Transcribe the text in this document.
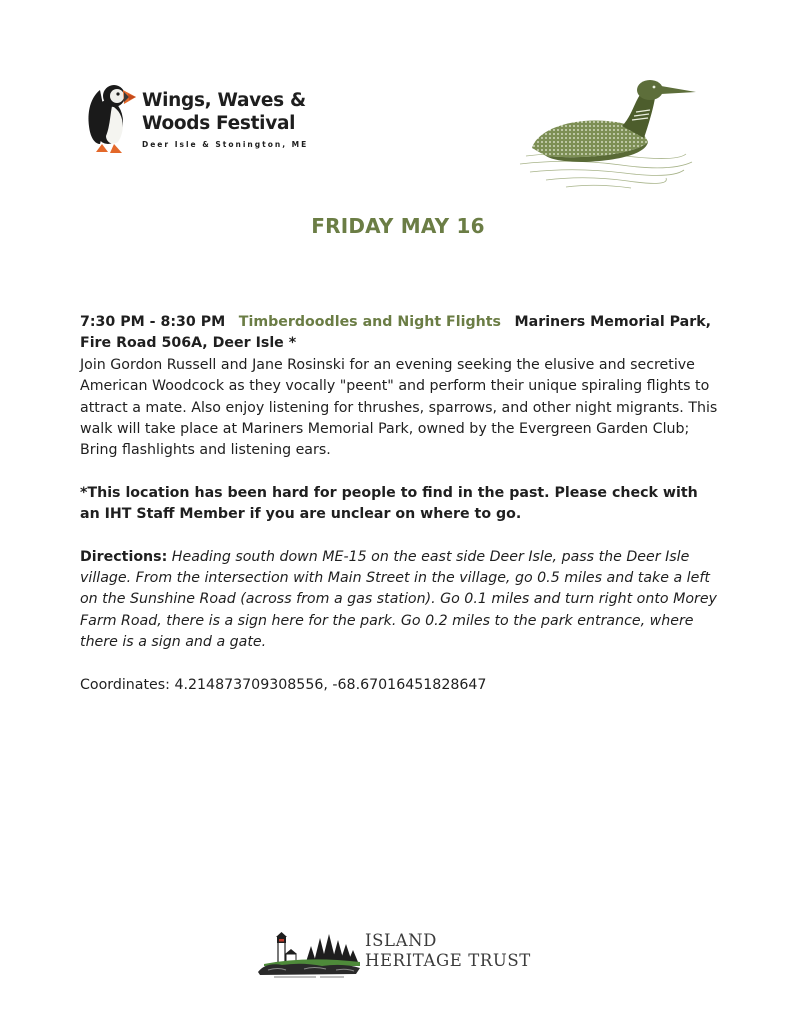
Wings, Waves &

Woods Festival

Deer Isle & Stonington, ME

FRIDAY MAY 16

7:30 PM - 8:30 PM Timberdoodles and Night Flights Mariners Memorial Park, Fire Road 506A, Deer Isle *

Join Gordon Russell and Jane Rosinski for an evening seeking the elusive and secretive American Woodcock as they vocally "peent" and perform their unique spiraling flights to attract a mate. Also enjoy listening for thrushes, sparrows, and other night migrants. This walk will take place at Mariners Memorial Park, owned by the Evergreen Garden Club; Bring flashlights and listening ears.

*This location has been hard for people to find in the past. Please check with an IHT Staff Member if you are unclear on where to go.

Directions: Heading south down ME-15 on the east side Deer Isle, pass the Deer Isle village. From the intersection with Main Street in the village, go 0.5 miles and take a left on the Sunshine Road (across from a gas station). Go 0.1 miles and turn right onto Morey Farm Road, there is a sign here for the park. Go 0.2 miles to the park entrance, where there is a sign and a gate.

Coordinates: 4.214873709308556, -68.67016451828647

ISLAND

HERITAGE TRUST
